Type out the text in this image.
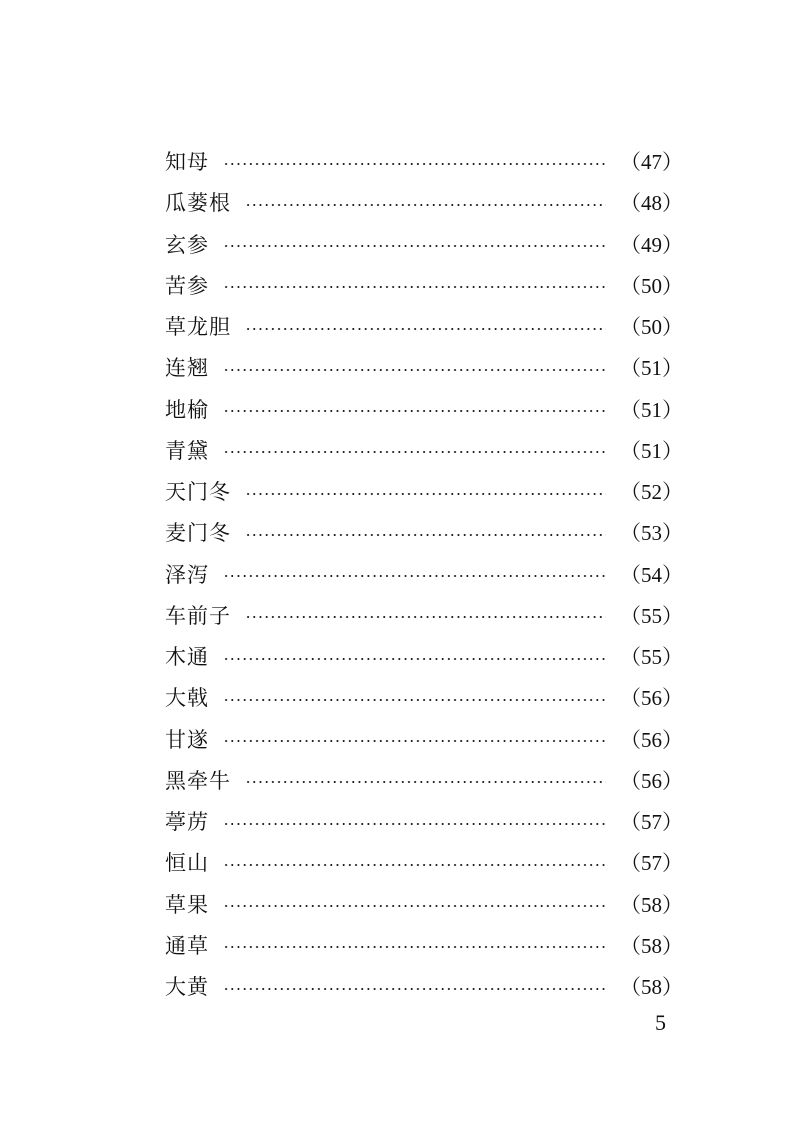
知母	（47）
瓜蒌根	（48）
玄参	（49）
苦参	（50）
草龙胆	（50）
连翘	（51）
地榆	（51）
青黛	（51）
天门冬	（52）
麦门冬	（53）
泽泻	（54）
车前子	（55）
木通	（55）
大戟	（56）
甘遂	（56）
黑牵牛	（56）
葶苈	（57）
恒山	（57）
草果	（58）
通草	（58）
大黄	（58）
5
